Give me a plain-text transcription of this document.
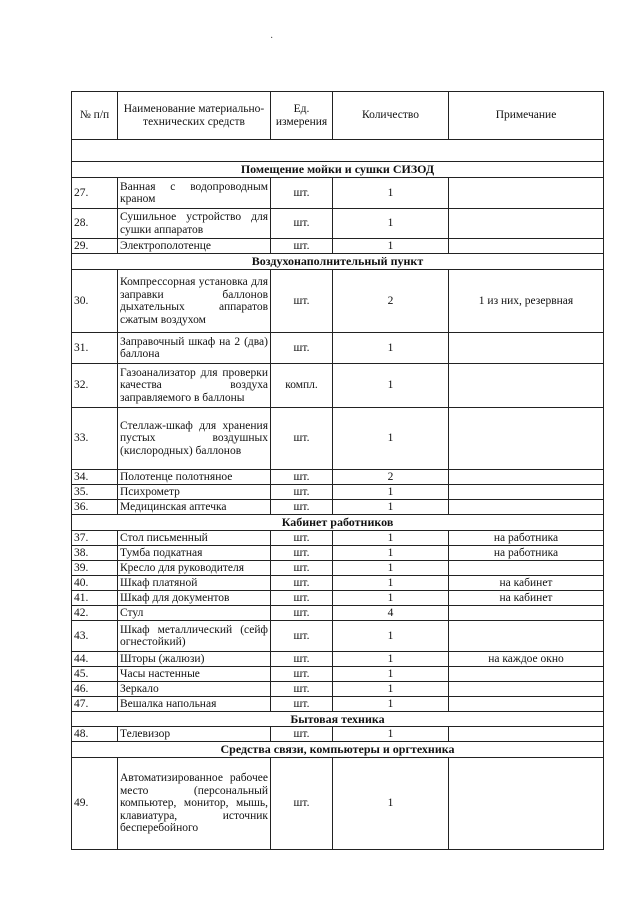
·
№ п/п	Наименование материально-технических средств	Ед. измерения	Количество	Примечание

Помещение мойки и сушки СИЗОД				
27.	Ванная с водопроводным краном	шт.	1	
28.	Сушильное устройство для сушки аппаратов	шт.	1	
29.	Электрополотенце	шт.	1	
Воздухонаполнительный пункт				
30.	Компрессорная установка для заправки баллонов дыхательных аппаратов сжатым воздухом	шт.	2	1 из них, резервная
31.	Заправочный шкаф на 2 (два) баллона	шт.	1	
32.	Газоанализатор для проверки качества воздуха заправляемого в баллоны	компл.	1	
33.	Стеллаж-шкаф для хранения пустых воздушных (кислородных) баллонов	шт.	1	
34.	Полотенце полотняное	шт.	2	
35.	Психрометр	шт.	1	
36.	Медицинская аптечка	шт.	1	
Кабинет работников				
37.	Стол письменный	шт.	1	на работника
38.	Тумба подкатная	шт.	1	на работника
39.	Кресло для руководителя	шт.	1	
40.	Шкаф платяной	шт.	1	на кабинет
41.	Шкаф для документов	шт.	1	на кабинет
42.	Стул	шт.	4	
43.	Шкаф металлический (сейф огнестойкий)	шт.	1	
44.	Шторы (жалюзи)	шт.	1	на каждое окно
45.	Часы настенные	шт.	1	
46.	Зеркало	шт.	1	
47.	Вешалка напольная	шт.	1	
Бытовая техника				
48.	Телевизор	шт.	1	
Средства связи, компьютеры и оргтехника				
49.	Автоматизированное рабочее место (персональный компьютер, монитор, мышь, клавиатура, источник бесперебойного	шт.	1	
